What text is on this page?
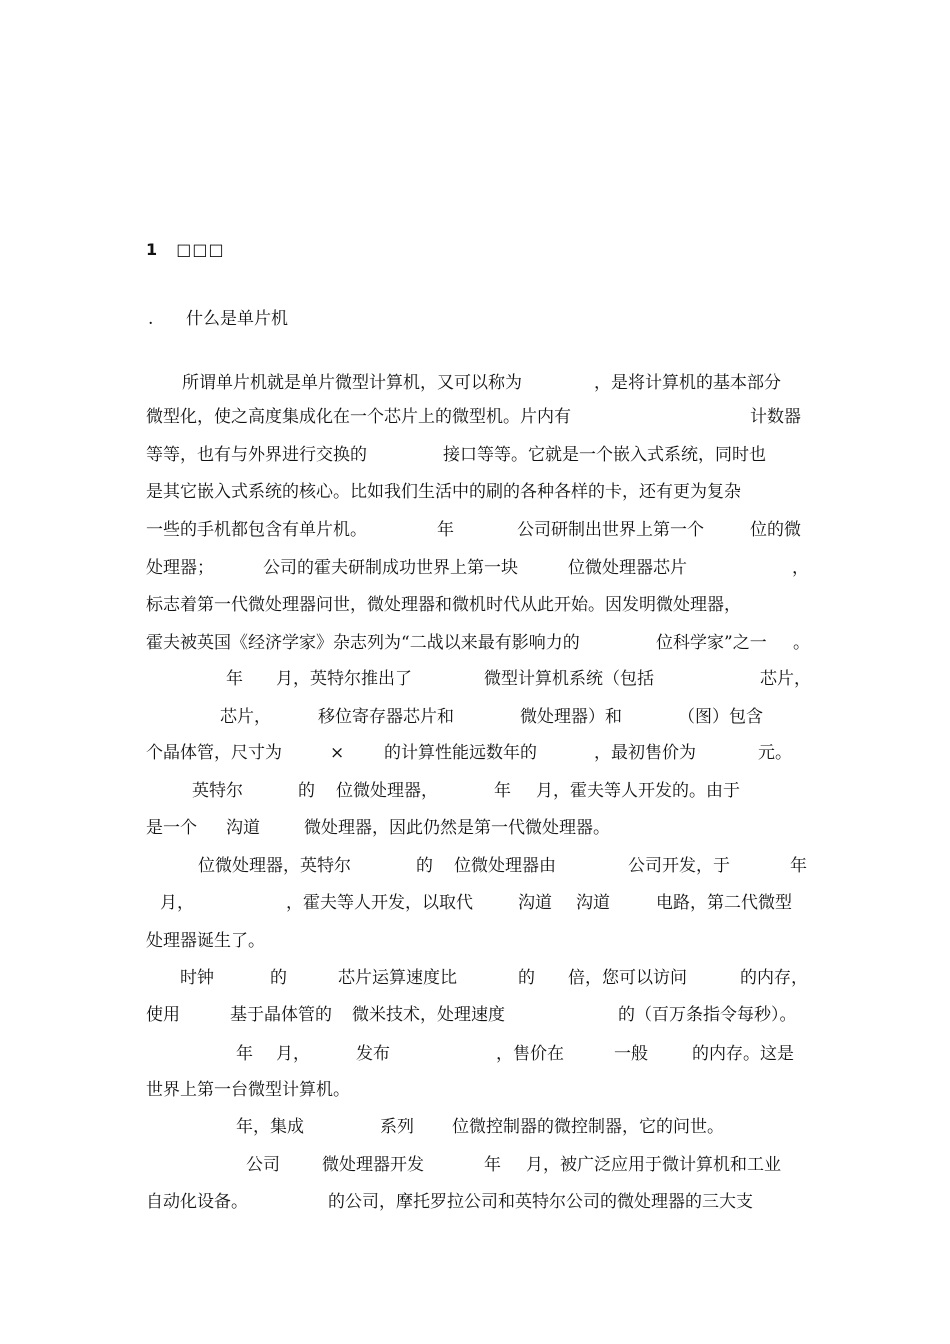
1 □□□
. 什么是单片机
所谓单片机就是单片微型计算机，又可以称为	，是将计算机的基本部分
微型化，使之高度集成化在一个芯片上的微型机。片内有	计数器
等等，也有与外界进行交换的	接口等等。它就是一个嵌入式系统，同时也
是其它嵌入式系统的核心。比如我们生活中的刷的各种各样的卡，还有更为复杂
一些的手机都包含有单片机。	年	公司研制出世界上第一个	位的微
处理器；	公司的霍夫研制成功世界上第一块	位微处理器芯片	，
标志着第一代微处理器问世，微处理器和微机时代从此开始。因发明微处理器，
霍夫被英国《经济学家》杂志列为“二战以来最有影响力的	位科学家”之一 。
年 月，英特尔推出了	微型计算机系统（包括	芯片，
芯片，	移位寄存器芯片和	微处理器）和	（图）包含
个晶体管，尺寸为	× 的计算性能远数年的	，最初售价为	元。
英特尔	的 位微处理器，	年 月，霍夫等人开发的。由于
是一个 沟道	微处理器，因此仍然是第一代微处理器。
位微处理器，英特尔	的 位微处理器由	公司开发，于	年
月，	，霍夫等人开发，以取代	沟道 沟道	电路，第二代微型
处理器诞生了。
时钟	的	芯片运算速度比	的 倍，您可以访问	的内存，
使用	基于晶体管的 微米技术，处理速度	的（百万条指令每秒）。
年 月，	发布	，售价在	一般	的内存。这是
世界上第一台微型计算机。
年，集成	系列 位微控制器的微控制器，它的问世。
公司 微处理器开发	年 月，被广泛应用于微计算机和工业
自动化设备。	的公司，摩托罗拉公司和英特尔公司的微处理器的三大支
